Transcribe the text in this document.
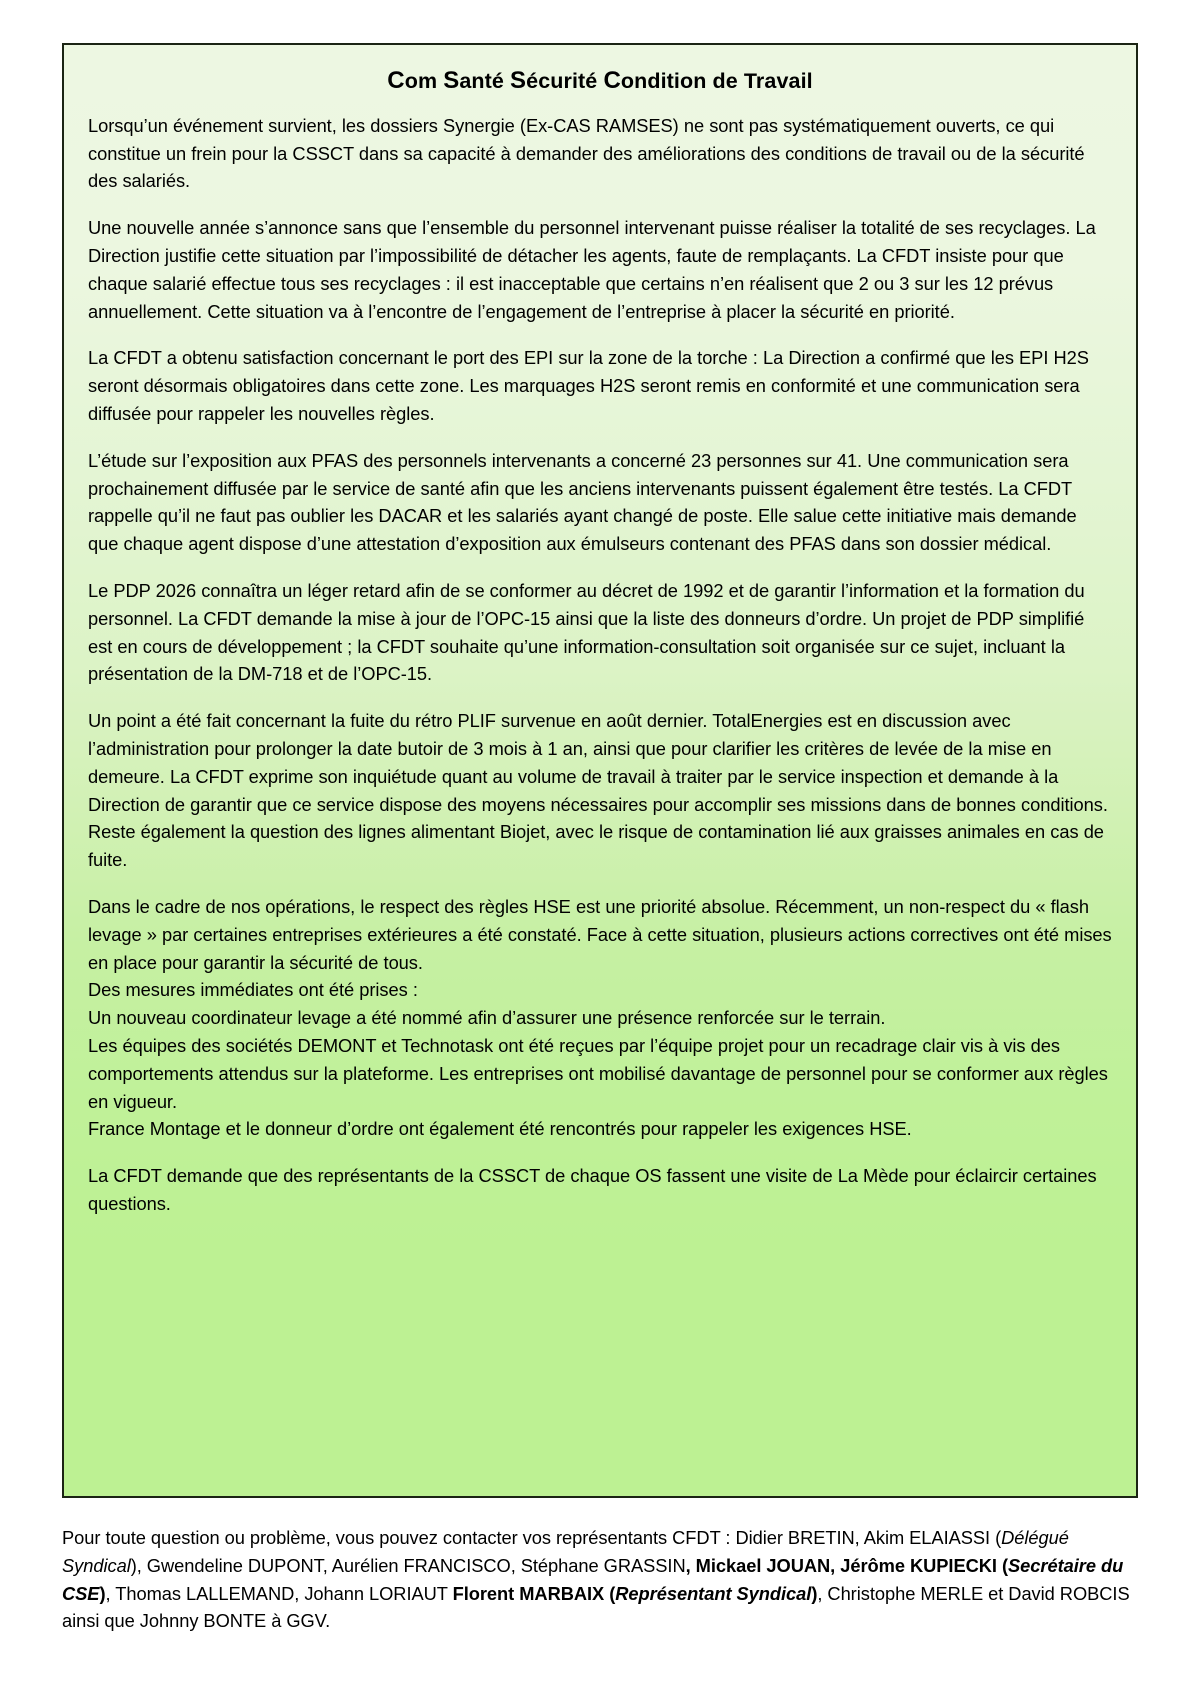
Com Santé Sécurité Condition de Travail

Lorsqu’un événement survient, les dossiers Synergie (Ex-CAS RAMSES) ne sont pas systématiquement ouverts, ce qui constitue un frein pour la CSSCT dans sa capacité à demander des améliorations des conditions de travail ou de la sécurité des salariés.

Une nouvelle année s’annonce sans que l’ensemble du personnel intervenant puisse réaliser la totalité de ses recyclages. La Direction justifie cette situation par l’impossibilité de détacher les agents, faute de remplaçants. La CFDT insiste pour que chaque salarié effectue tous ses recyclages : il est inacceptable que certains n’en réalisent que 2 ou 3 sur les 12 prévus annuellement. Cette situation va à l’encontre de l’engagement de l’entreprise à placer la sécurité en priorité.

La CFDT a obtenu satisfaction concernant le port des EPI sur la zone de la torche : La Direction a confirmé que les EPI H2S seront désormais obligatoires dans cette zone. Les marquages H2S seront remis en conformité et une communication sera diffusée pour rappeler les nouvelles règles.

L’étude sur l’exposition aux PFAS des personnels intervenants a concerné 23 personnes sur 41. Une communication sera prochainement diffusée par le service de santé afin que les anciens intervenants puissent également être testés. La CFDT rappelle qu’il ne faut pas oublier les DACAR et les salariés ayant changé de poste. Elle salue cette initiative mais demande que chaque agent dispose d’une attestation d’exposition aux émulseurs contenant des PFAS dans son dossier médical.

Le PDP 2026 connaîtra un léger retard afin de se conformer au décret de 1992 et de garantir l’information et la formation du personnel. La CFDT demande la mise à jour de l’OPC-15 ainsi que la liste des donneurs d’ordre. Un projet de PDP simplifié est en cours de développement ; la CFDT souhaite qu’une information-consultation soit organisée sur ce sujet, incluant la présentation de la DM-718 et de l’OPC-15.

Un point a été fait concernant la fuite du rétro PLIF survenue en août dernier. TotalEnergies est en discussion avec l’administration pour prolonger la date butoir de 3 mois à 1 an, ainsi que pour clarifier les critères de levée de la mise en demeure. La CFDT exprime son inquiétude quant au volume de travail à traiter par le service inspection et demande à la Direction de garantir que ce service dispose des moyens nécessaires pour accomplir ses missions dans de bonnes conditions. Reste également la question des lignes alimentant Biojet, avec le risque de contamination lié aux graisses animales en cas de fuite.

Dans le cadre de nos opérations, le respect des règles HSE est une priorité absolue. Récemment, un non-respect du « flash levage » par certaines entreprises extérieures a été constaté. Face à cette situation, plusieurs actions correctives ont été mises en place pour garantir la sécurité de tous.

Des mesures immédiates ont été prises :

Un nouveau coordinateur levage a été nommé afin d’assurer une présence renforcée sur le terrain.

Les équipes des sociétés DEMONT et Technotask ont été reçues par l’équipe projet pour un recadrage clair vis à vis des comportements attendus sur la plateforme. Les entreprises ont mobilisé davantage de personnel pour se conformer aux règles en vigueur.

France Montage et le donneur d’ordre ont également été rencontrés pour rappeler les exigences HSE.

La CFDT demande que des représentants de la CSSCT de chaque OS fassent une visite de La Mède pour éclaircir certaines questions.

Pour toute question ou problème, vous pouvez contacter vos représentants CFDT : Didier BRETIN, Akim ELAIASSI (Délégué Syndical), Gwendeline DUPONT, Aurélien FRANCISCO, Stéphane GRASSIN, Mickael JOUAN, Jérôme KUPIECKI (Secrétaire du CSE), Thomas LALLEMAND, Johann LORIAUT Florent MARBAIX (Représentant Syndical), Christophe MERLE et David ROBCIS ainsi que Johnny BONTE à GGV.
